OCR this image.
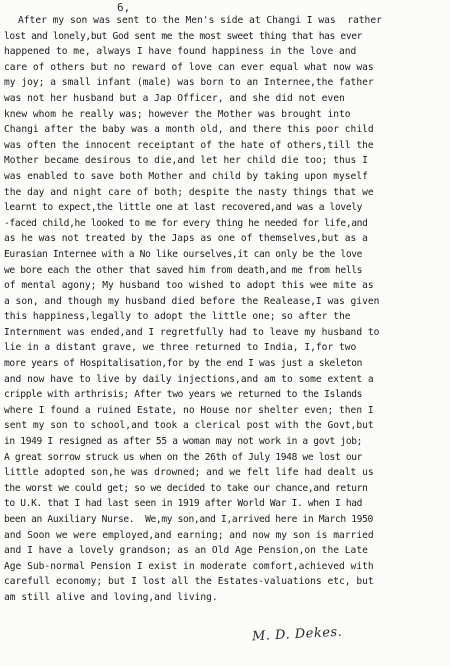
6,
After my son was sent to the Men's side at Changi I was  rather
lost and lonely,but God sent me the most sweet thing that has ever
happened to me, always I have found happiness in the love and
care of others but no reward of love can ever equal what now was
my joy; a small infant (male) was born to an Internee,the father
was not her husband but a Jap Officer, and she did not even
knew whom he really was; however the Mother was brought into
Changi after the baby was a month old, and there this poor child
was often the innocent receiptant of the hate of others,till the
Mother became desirous to die,and let her child die too; thus I
was enabled to save both Mother and child by taking upon myself
the day and night care of both; despite the nasty things that we
learnt to expect,the little one at last recovered,and was a lovely
-faced child,he looked to me for every thing he needed for life,and
as he was not treated by the Japs as one of themselves,but as a
Eurasian Internee with a No like ourselves,it can only be the love
we bore each the other that saved him from death,and me from hells
of mental agony; My husband too wished to adopt this wee mite as
a son, and though my husband died before the Realease,I was given
this happiness,legally to adopt the little one; so after the
Internment was ended,and I regretfully had to leave my husband to
lie in a distant grave, we three returned to India, I,for two
more years of Hospitalisation,for by the end I was just a skeleton
and now have to live by daily injections,and am to some extent a
cripple with arthrisis; After two years we returned to the Islands
where I found a ruined Estate, no House nor shelter even; then I
sent my son to school,and took a clerical post with the Govt,but
in 1949 I resigned as after 55 a woman may not work in a govt job;
A great sorrow struck us when on the 26th of July 1948 we lost our
little adopted son,he was drowned; and we felt life had dealt us
the worst we could get; so we decided to take our chance,and return
to U.K. that I had last seen in 1919 after World War I. when I had
been an Auxiliary Nurse.  We,my son,and I,arrived here in March 1950
and Soon we were employed,and earning; and now my son is married
and I have a lovely grandson; as an Old Age Pension,on the Late
Age Sub-normal Pension I exist in moderate comfort,achieved with
carefull economy; but I lost all the Estates-valuations etc, but
am still alive and loving,and living.
M. D. Dekes.
